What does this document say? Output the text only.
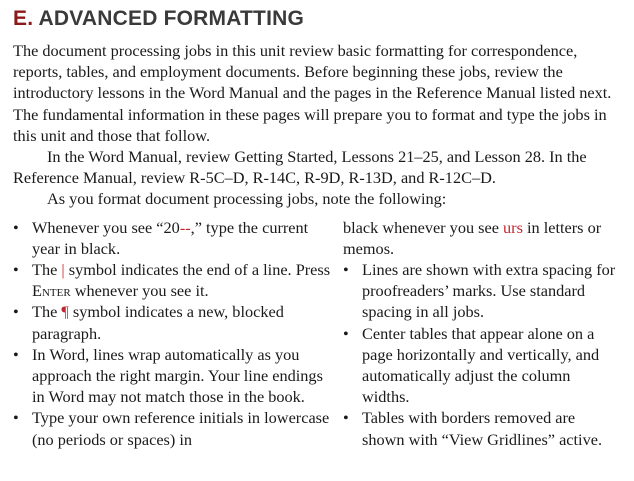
E. ADVANCED FORMATTING

The document processing jobs in this unit review basic formatting for correspondence, reports, tables, and employment documents. Before beginning these jobs, review the introductory lessons in the Word Manual and the pages in the Reference Manual listed next. The fundamental information in these pages will prepare you to format and type the jobs in this unit and those that follow.

In the Word Manual, review Getting Started, Lessons 21–25, and Lesson 28. In the Reference Manual, review R-5C–D, R-14C, R-9D, R-13D, and R-12C–D.

As you format document processing jobs, note the following:

• Whenever you see “20--,” type the current year in black.
• The | symbol indicates the end of a line. Press Enter whenever you see it.
• The ¶ symbol indicates a new, blocked paragraph.
• In Word, lines wrap automatically as you approach the right margin. Your line endings in Word may not match those in the book.
• Type your own reference initials in lowercase (no periods or spaces) in
black whenever you see urs in letters or memos.
• Lines are shown with extra spacing for proofreaders’ marks. Use standard spacing in all jobs.
• Center tables that appear alone on a page horizontally and vertically, and automatically adjust the column widths.
• Tables with borders removed are shown with “View Gridlines” active.
